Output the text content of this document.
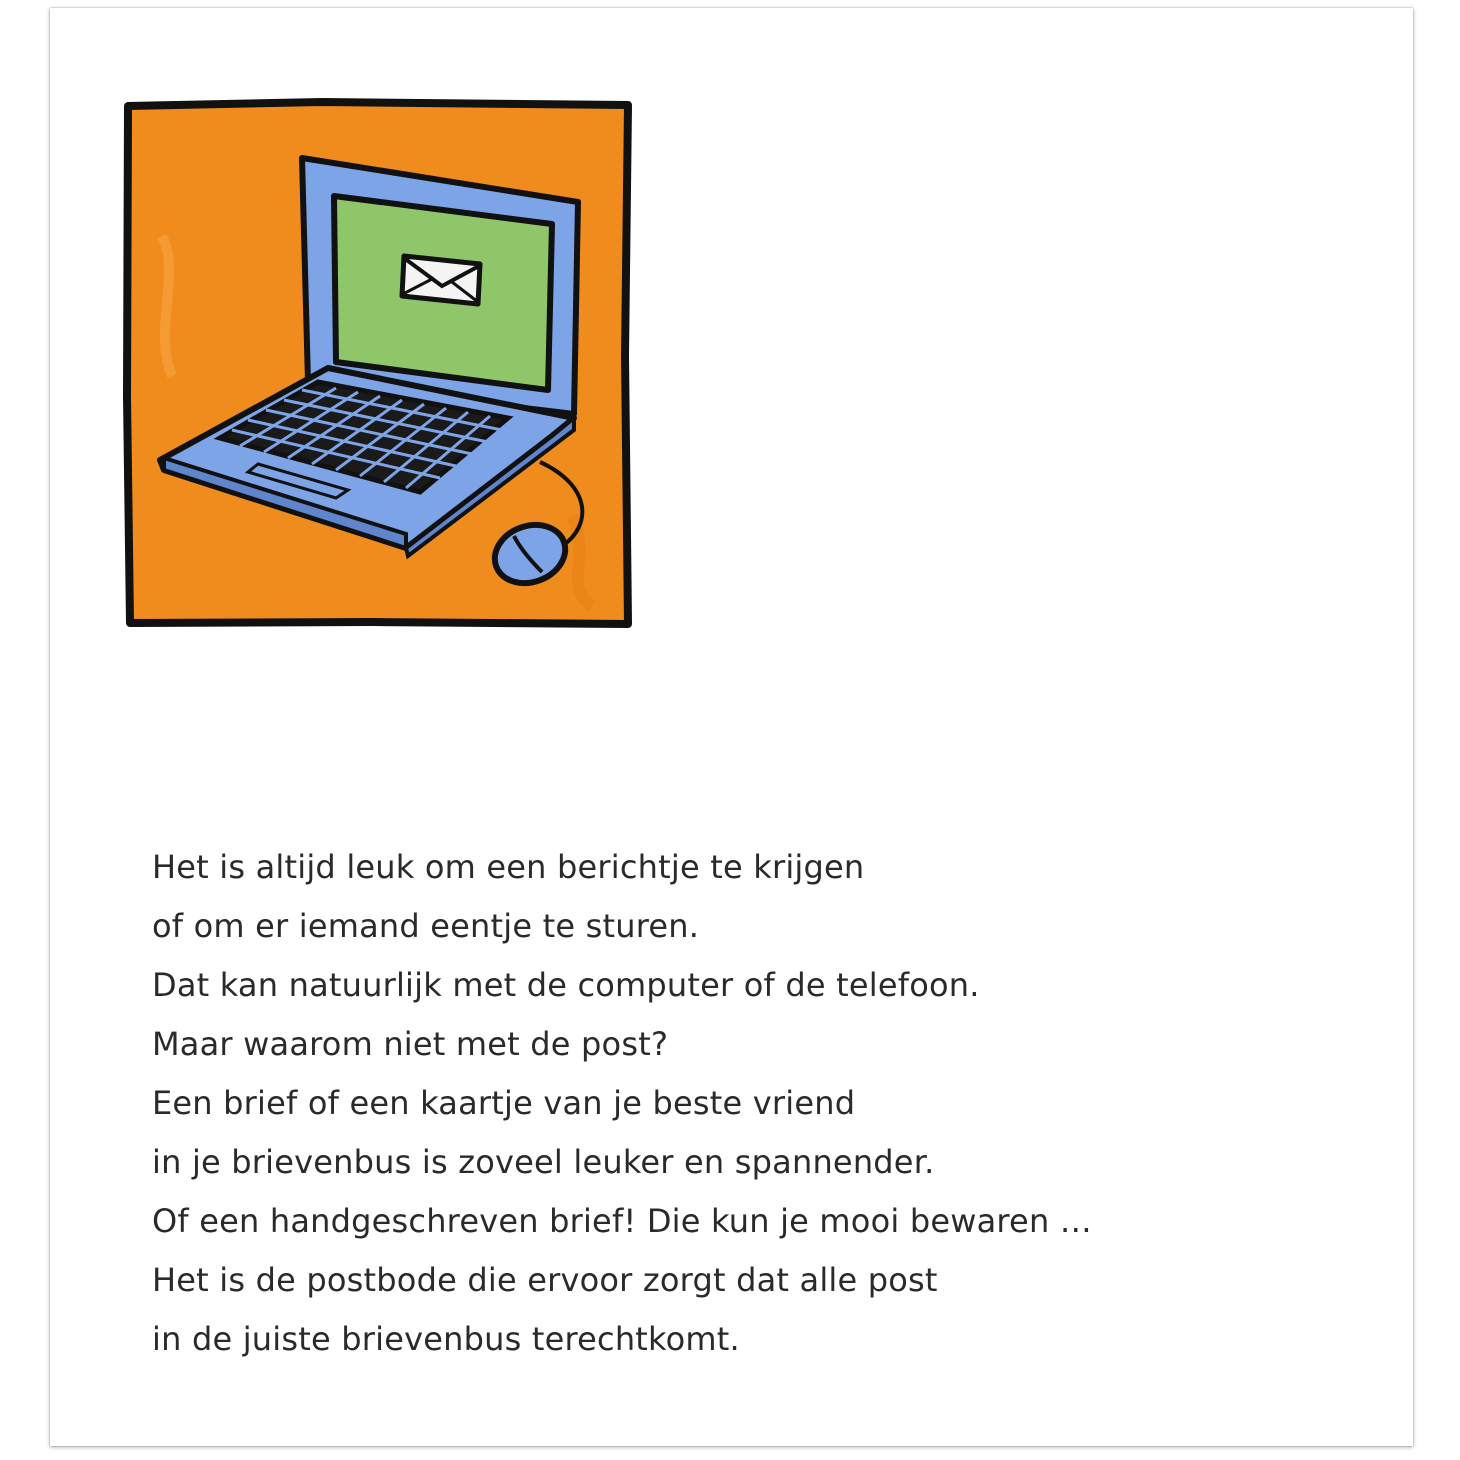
Het is altijd leuk om een berichtje te krijgen
of om er iemand eentje te sturen.
Dat kan natuurlijk met de computer of de telefoon.
Maar waarom niet met de post?
Een brief of een kaartje van je beste vriend
in je brievenbus is zoveel leuker en spannender.
Of een handgeschreven brief! Die kun je mooi bewaren …
Het is de postbode die ervoor zorgt dat alle post
in de juiste brievenbus terechtkomt.
